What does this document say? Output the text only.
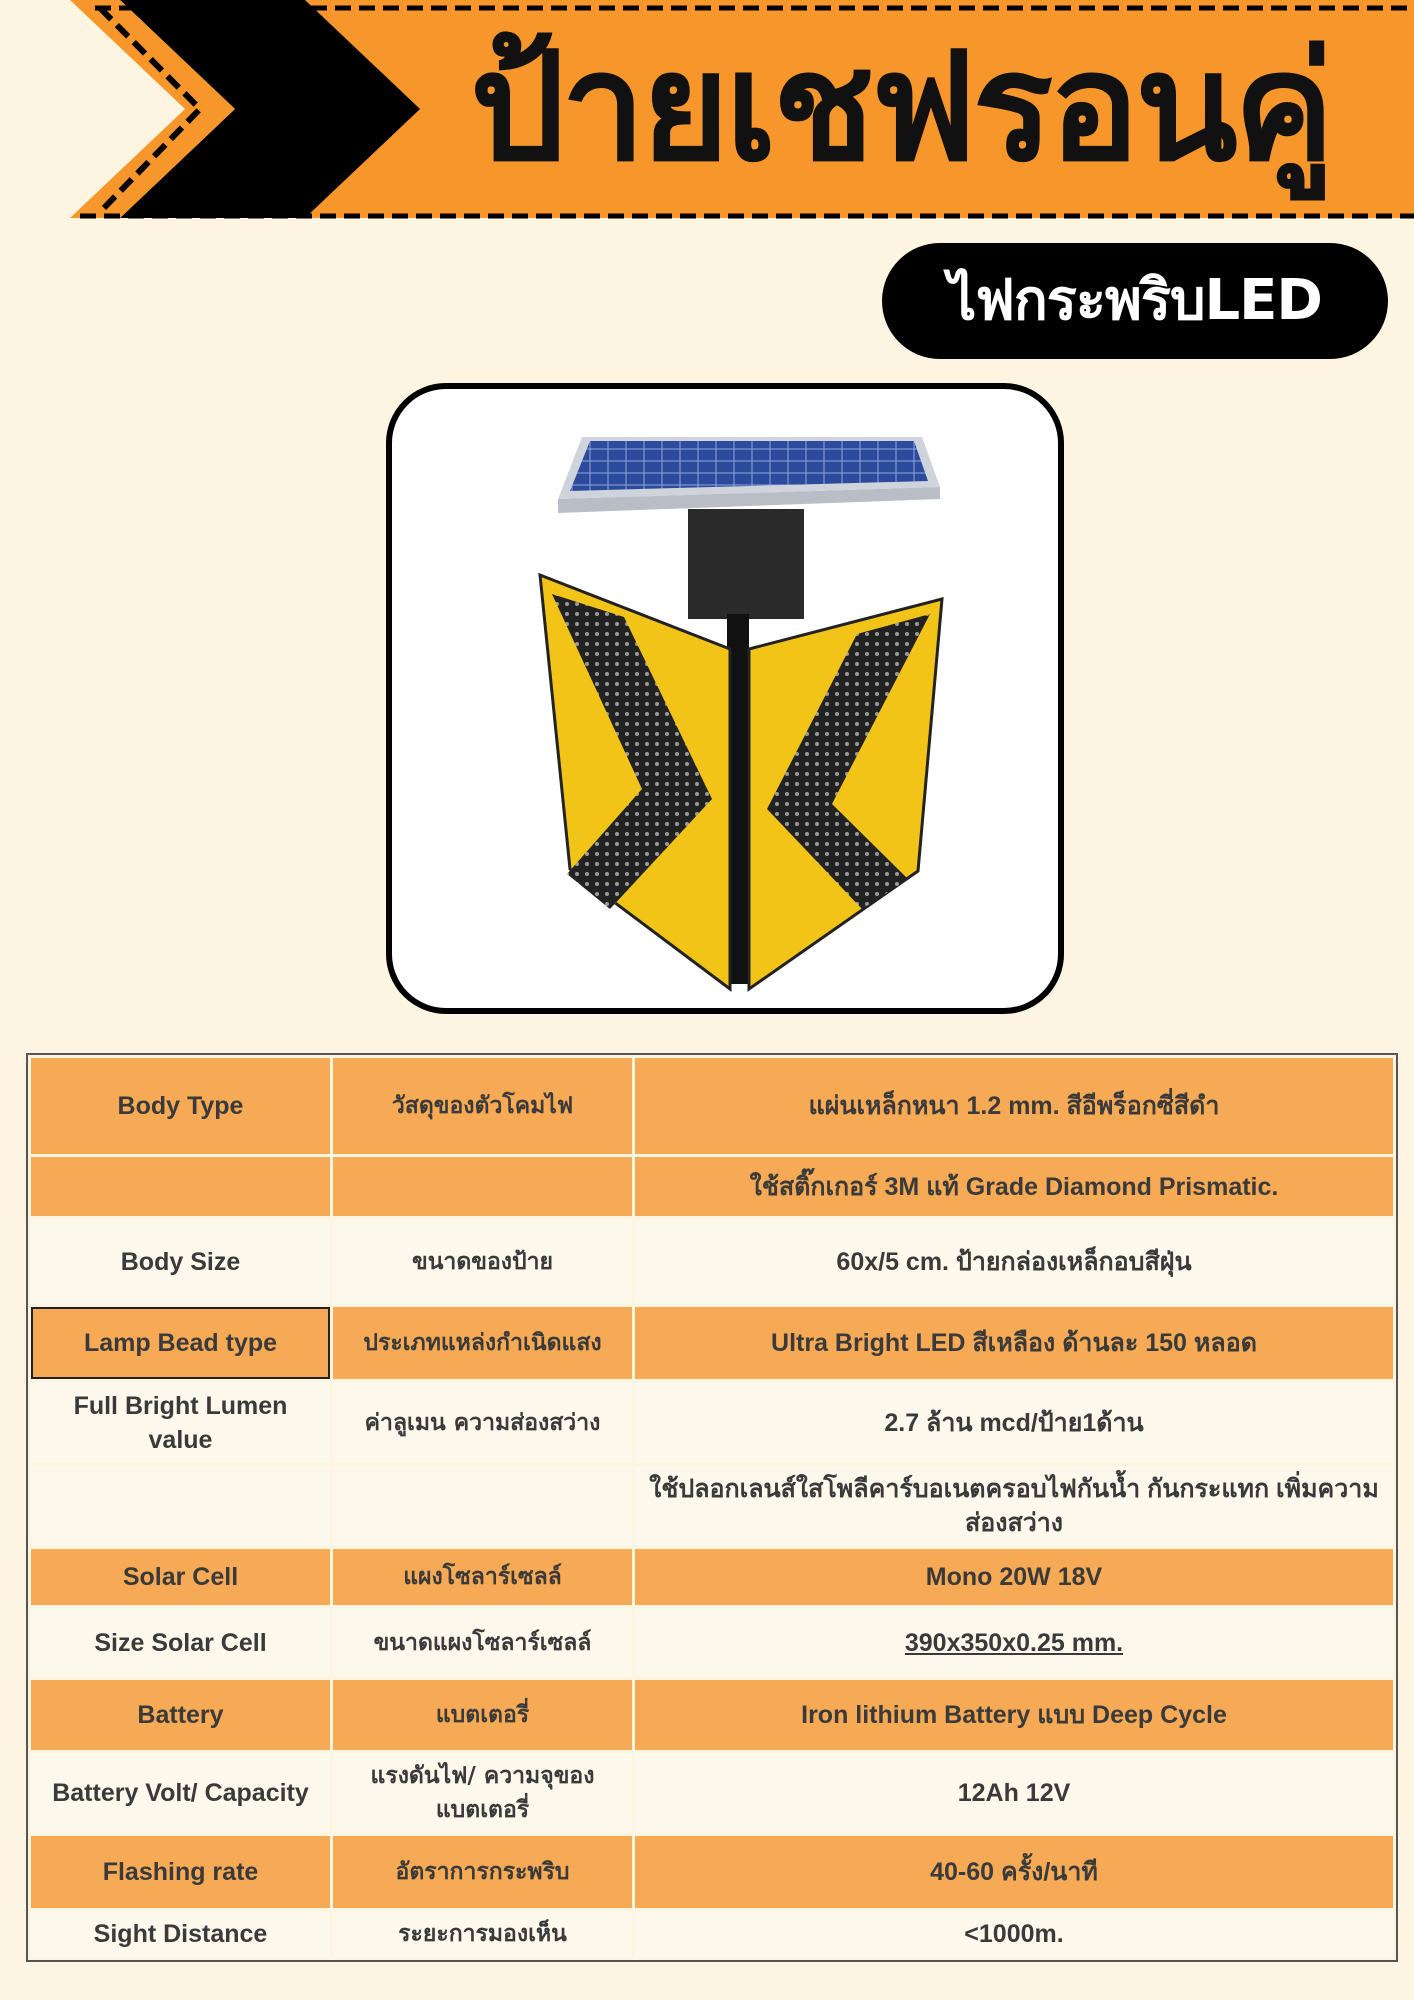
ป้ายเชฟรอนคู่
ไฟกระพริบLED
Body Type	วัสดุของตัวโคมไฟ	แผ่นเหล็กหนา 1.2 mm. สีอีพร็อกซี่สีดำ
		ใช้สติ๊กเกอร์ 3M แท้ Grade Diamond Prismatic.
Body Size	ขนาดของป้าย	60x/5 cm. ป้ายกล่องเหล็กอบสีฝุ่น
Lamp Bead type	ประเภทแหล่งกำเนิดแสง	Ultra Bright LED สีเหลือง ด้านละ 150 หลอด
Full Bright Lumen value	ค่าลูเมน ความส่องสว่าง	2.7 ล้าน mcd/ป้าย1ด้าน
		ใช้ปลอกเลนส์ใสโพลีคาร์บอเนตครอบไฟกันน้ำ กันกระแทก เพิ่มความส่องสว่าง
Solar Cell	แผงโซลาร์เซลล์	Mono 20W 18V
Size Solar Cell	ขนาดแผงโซลาร์เซลล์	390x350x0.25 mm.
Battery	แบตเตอรี่	Iron lithium Battery แบบ Deep Cycle
Battery Volt/ Capacity	แรงดันไฟ/ ความจุของแบตเตอรี่	12Ah 12V
Flashing rate	อัตราการกระพริบ	40-60 ครั้ง/นาที
Sight Distance	ระยะการมองเห็น	<1000m.
